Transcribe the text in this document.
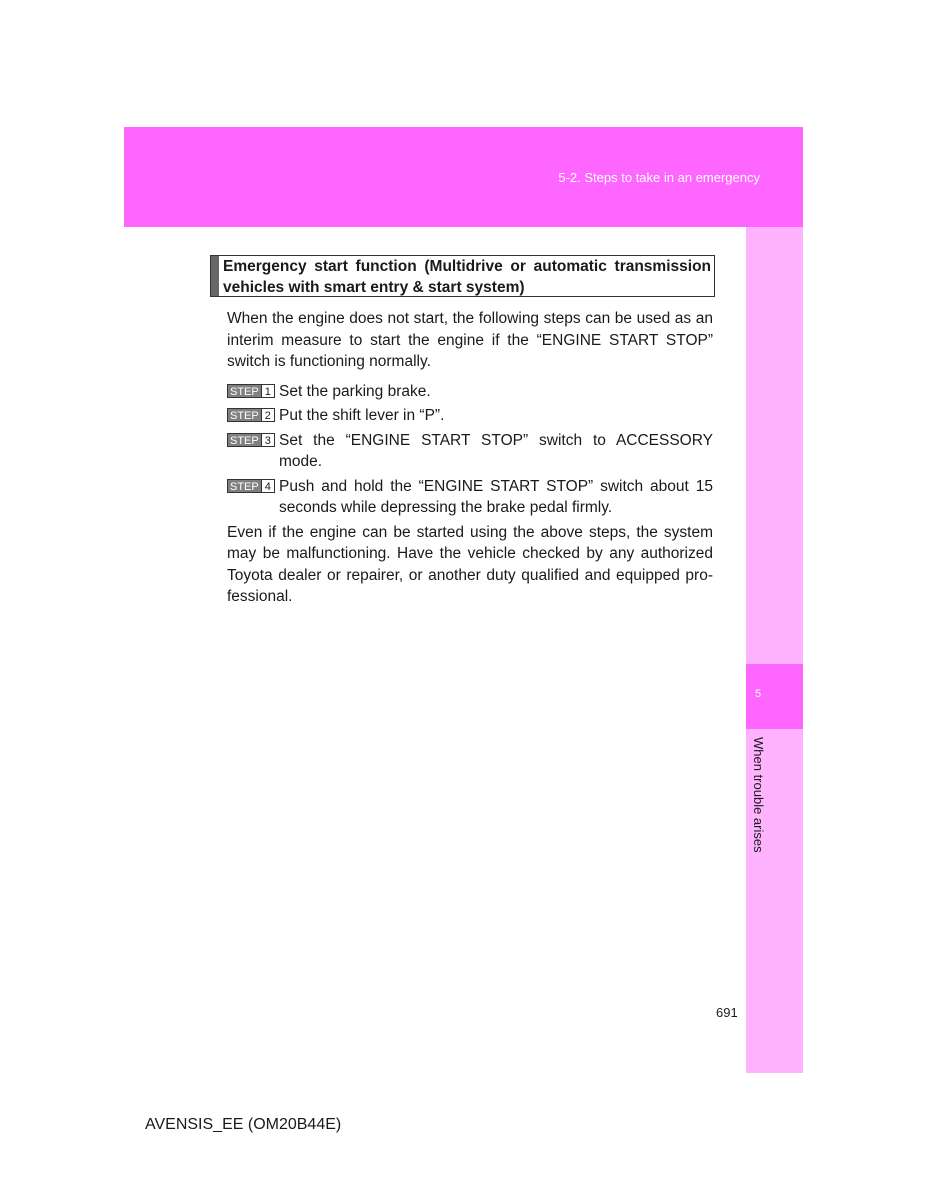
5-2. Steps to take in an emergency
5
When trouble arises
Emergency start function (Multidrive or automatic transmission vehicles with smart entry & start system)

When the engine does not start, the following steps can be used as an interim measure to start the engine if the “ENGINE START STOP” switch is functioning normally.

STEP 1 Set the parking brake.
STEP 2 Put the shift lever in “P”.
STEP 3 Set the “ENGINE START STOP” switch to ACCESSORY mode.
STEP 4 Push and hold the “ENGINE START STOP” switch about 15 seconds while depressing the brake pedal firmly.

Even if the engine can be started using the above steps, the system may be malfunctioning. Have the vehicle checked by any authorized Toyota dealer or repairer, or another duty qualified and equipped pro-fessional.

691
AVENSIS_EE (OM20B44E)
